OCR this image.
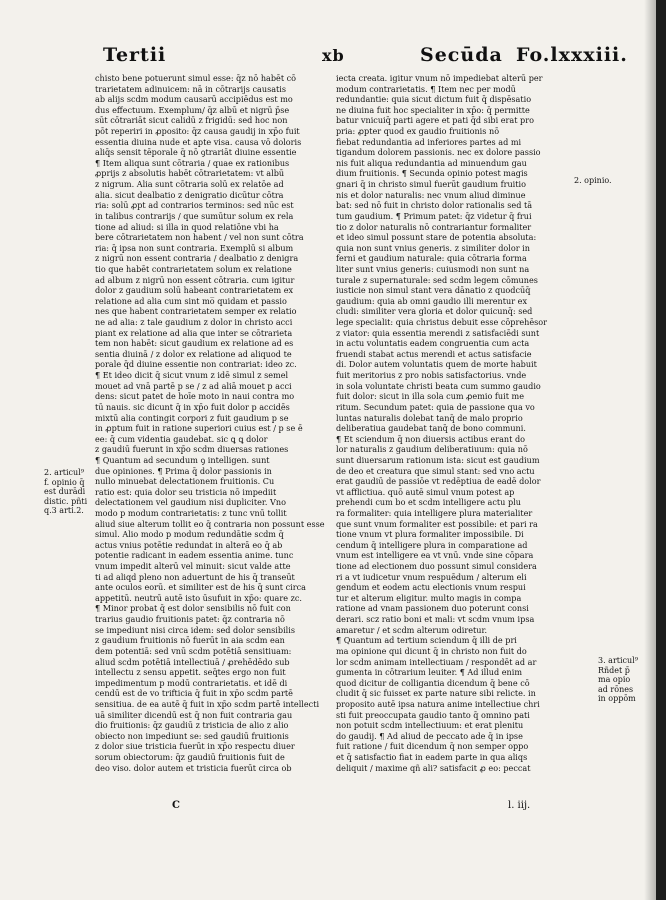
Tertii	xb	Secūda Fo.lxxxiii.
ch̄isto bene potuerunt simul esse: q̄z nō habēt cō
trarietatem adinuicem: nā in cōtrarijs causatis
ab alijs scdm modum causarū accipiēdus est mo
dus effectuum. Exemplum/ q̄z albū et nigrū p̄se
sūt cōtrariāt sicut calidū z frigidū: sed hoc non
pōt reperiri in ꝓposito: q̄z causa gaudij in xp̄o fuit
essentia diuina nude et apte visa. causa vō doloris
aliq̄s sensit tēporale q̄ nō ꝯtrariāt diuine essentie
¶ Item aliqua sunt cōtraria / quae ex rationibus
ꝓprijs z absolutis habēt cōtrarietatem: vt albū
z nigrum. Alia sunt cōtraria solū ex relatōe ad
alia. sicut dealbatio z denigratio dicūtur cōtra
ria: solū ꝓpt ad contrarios terminos: sed nūc est
in talibus contrarijs / que sumūtur solum ex rela
tione ad aliud: si illa in quod relatiōne vbi ha
bere cōtrarietatem non habent / vel non sunt cōtra
ria: q̄ ipsa non sunt contraria. Exemplū si album
z nigrū non essent contraria / dealbatio z denigra
tio que habēt contrarietatem solum ex relatione
ad album z nigrū non essent cōtraria. cum igitur
dolor z gaudium solū habeant contrarietatem ex
relatione ad alia cum sint mo̅ quidam et passio
nes que habent contrarietatem semper ex relatio
ne ad alia: z tale gaudium z dolor in christo acci
piant ex relatione ad alia que inter se cōtrarieta
tem non habēt: sicut gaudium ex relatione ad es
sentia diuinā / z dolor ex relatione ad aliquod te
porale q̄d diuine essentie non contrariat: ideo zc.
¶ Et ideo dicit q̄ sicut vnum z idē simul z semel
mouet ad vnā partē p se / z ad aliā mouet p acci
dens: sicut patet de hoīe moto in naui contra mo
tū nauis. sic dicunt q̄ in xp̄o fuit dolor p accidēs
mixtū alia contingit corpori z fuit gaudium p se
in ꝓptum fuit in ratione superiori cuius est / p se ē
ee: q̄ cum videntia gaudebat. sic ꝗ ꝗ dolor
z gaudiū fuerunt in xp̄o scdm diuersas rationes
¶ Quantum ad secundum ꝯ intelligen. sunt
due opiniones. ¶ Prima q̄ dolor passionis in
nullo minuebat delectationem fruitionis. Cu
ratio est: quia dolor seu tristicia nō impediit
delectationem vel gaudium nisi dupliciter. Vno
modo p modum contrarietatis: z tunc vnū tollit
aliud siue alterum tollit eo q̄ contraria non possunt esse
simul. Alio modo p modum redundātie scdm q̄
actus vnius potētie redundat in alterā eo q̄ ab
potentie radicant in eadem essentia anime. tunc
vnum impedit alterū vel minuit: sicut valde atte
ti ad aliqd pleno non aduertunt de his q̄ transeūt
ante oculos eorū. et similiter est de his q̄ sunt circa
appetitū. neutrū autē isto ūsufuit in xp̄o: quare zc.
¶ Minor probat q̄ est dolor sensibilis nō fuit con
trarius gaudio fruitionis patet: q̄z contraria nō
se impediunt nisi circa idem: sed dolor sensibilis
z gaudium fruitionis nō fuerūt in aia scdm ean
dem potentiā: sed vnū scdm potētiā sensitiuam:
aliud scdm potētiā intellectiuā / ꝓrehēdēdo sub
intellectu z sensu appetit. seq̄tes ergo non fuit
impedimentum p modū contrarietatis. et idē di
cendū est de vo trifticia q̄ fuit in xp̄o scdm partē
sensitiua. de ea autē q̄ fuit in xp̄o scdm partē intellecti
uā similiter dicendū est q̄ non fuit contraria gau
dio fruitionis: q̄z gaudiū z tristicia de alio z alio
obiecto non impediunt se: sed gaudiū fruitionis
z dolor siue tristicia fuerūt in xp̄o respectu diuer
sorum obiectorum: q̄z gaudiū fruitionis fuit de
deo viso. dolor autem et tristicia fuerūt circa ob
iecta creata. igitur vnum nō impediebat alterū per
modum contrarietatis. ¶ Item nec per modū
redundantie: quia sicut dictum fuit q̄ dispēsatio
ne diuina fuit hoc specialiter in xp̄o: q̄ permitte
batur vnicuiq̄ parti agere et pati q̄d sibi erat pro
pria: ꝓpter quod ex gaudio fruitionis nō
fiebat redundantia ad inferiores partes ad mi
tigandum dolorem passionis. nec ex dolore passio
nis fuit aliqua redundantia ad minuendum gau
dium fruitionis. ¶ Secunda opinio potest magis
gnari q̄ in christo simul fuerūt gaudium fruitio
nis et dolor naturalis: nec vnum aliud diminue
bat: sed nō fuit in christo dolor rationalis sed tā
tum gaudium. ¶ Primum patet: q̄z videtur q̄ frui
tio z dolor naturalis nō contrariantur formaliter
et ideo simul possunt stare de potentia absoluta:
quia non sunt vnius generis. z similiter dolor in
ferni et gaudium naturale: quia cōtraria forma
liter sunt vnius generis: cuiusmodi non sunt na
turale z supernaturale: sed scdm legem cōmunes
iusticie non simul stant vera dānatio z quodcūq̄
gaudium: quia ab omni gaudio illi merentur ex
cludi: similiter vera gloria et dolor quicunq̄: sed
lege specialit: quia christus debuit esse cōprehēsor
z viator: quia essentia merendi z satisfaciēdi sunt
in actu voluntatis eadem congruentia cum acta
fruendi stabat actus merendi et actus satisfacie
di. Dolor autem voluntatis quem de morte habuit
fuit meritorius z pro nobis satisfactorius. vnde
in sola voluntate christi beata cum summo gaudio
fuit dolor: sicut in illa sola cum ꝓemio fuit me
ritum. Secundum patet: quia de passione qua vo
luntas naturalis dolebat tanq̄ de malo proprio
deliberatiua gaudebat tanq̄ de bono communi.
¶ Et sciendum q̄ non diuersis actibus erant do
lor naturalis z gaudium deliberatiuum: quia nō
sunt diuersarum rationum ista: sicut est gaudium
de deo et creatura que simul stant: sed vno actu
erat gaudiū de passiōe vt redēptiua de eadē dolor
vt afflictiua. quō autē simul vnum potest ap
prehendi cum bo et scdm intelligere actu plu
ra formaliter: quia intelligere plura materialiter
que sunt vnum formaliter est possibile: et pari ra
tione vnum vt plura formaliter impossibile. Di
cendum q̄ intelligere plura in comparatione ad
vnum est intelligere ea vt vnū. vnde sine cōpara
tione ad electionem duo possunt simul considera
ri a vt iudicetur vnum respuēdum / alterum eli
gendum et eodem actu electionis vnum respui
tur et alterum eligitur. multo magis in compa
ratione ad vnam passionem duo poterunt consi
derari. scz ratio boni et mali: vt scdm vnum ipsa
amaretur / et scdm alterum odiretur.
¶ Quantum ad tertium sciendum q̄ illi de pri
ma opinione qui dicunt q̄ in christo non fuit do
lor scdm animam intellectiuam / respondēt ad ar
gumenta in cōtrarium leuiter. ¶ Ad illud enim
quod dicitur de colligantia dicendum q̄ bene cō
cludit q̄ sic fuisset ex parte nature sibi relicte. in
proposito autē ipsa natura anime intellectiue chri
sti fuit preoccupata gaudio tanto q̄ omnino pati
non potuit scdm intellectiuum: et erat plenitu
do gaudij. ¶ Ad aliud de peccato ade q̄ in ipse
fuit ratione / fuit dicendum q̄ non semper oppo
et q̄ satisfactio fiat in eadem parte in qua aliqs
deliquit / maxime qñ ali? satisfacit ꝓ eo: peccat
2. articul⁹
f. opinio q̄
est durādi
distic. pñti
q.3 arti.2.
2. opinio.
3. articul⁹
Rñdet p̄
ma opio
ad rōnes
in oppōm
C	l. iij.
